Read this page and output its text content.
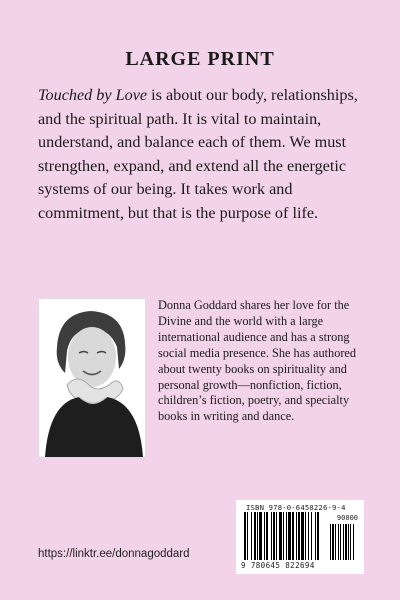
LARGE PRINT
Touched by Love is about our body, relationships, and the spiritual path. It is vital to maintain, understand, and balance each of them. We must strengthen, expand, and extend all the energetic systems of our being. It takes work and commitment, but that is the purpose of life.
Donna Goddard shares her love for the Divine and the world with a large international audience and has a strong social media presence. She has authored about twenty books on spirituality and personal growth—nonfiction, fiction, children’s fiction, poetry, and specialty books in writing and dance.
https://linktr.ee/donnagoddard
ISBN 978-0-6458226-9-4
90000
9 780645 822694
